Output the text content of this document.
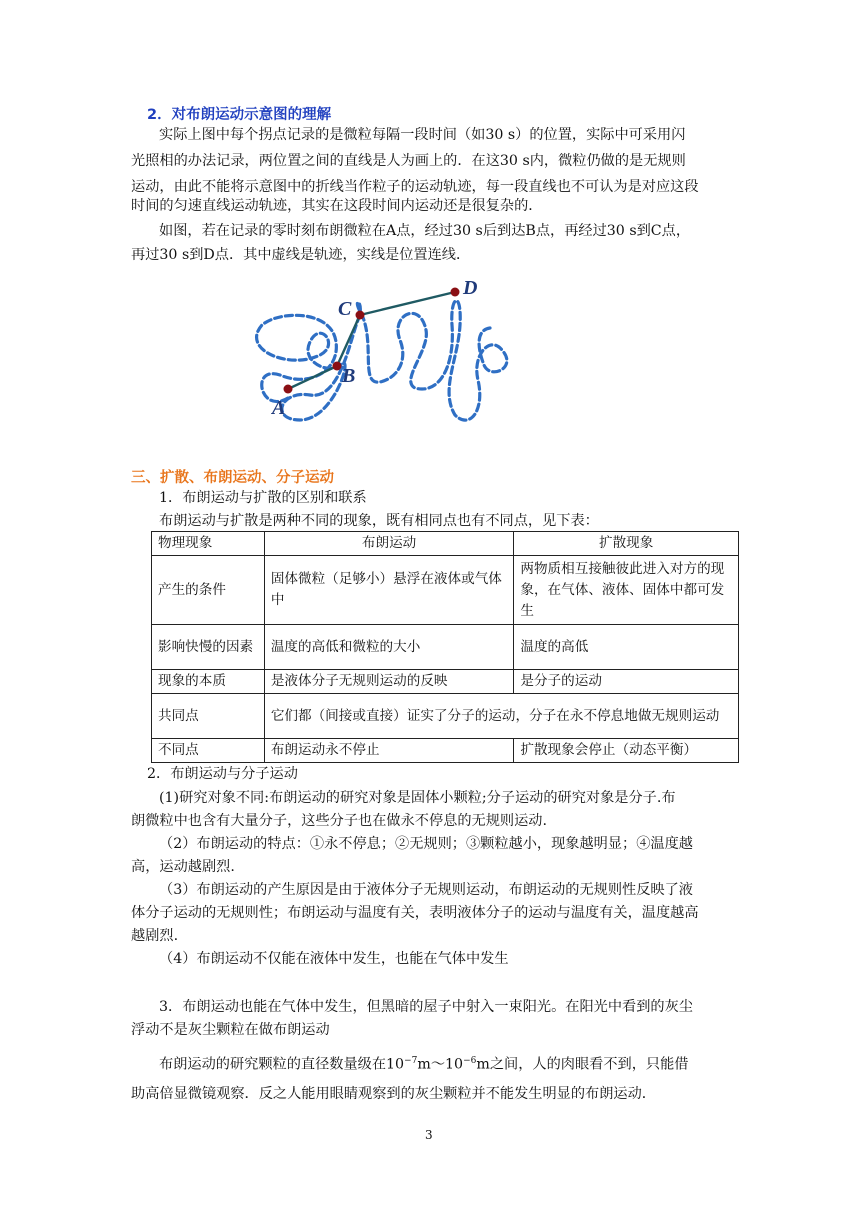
2．对布朗运动示意图的理解

实际上图中每个拐点记录的是微粒每隔一段时间（如30 s）的位置，实际中可采用闪

光照相的办法记录，两位置之间的直线是人为画上的．在这30 s内，微粒仍做的是无规则

运动，由此不能将示意图中的折线当作粒子的运动轨迹，每一段直线也不可认为是对应这段

时间的匀速直线运动轨迹，其实在这段时间内运动还是很复杂的．

如图，若在记录的零时刻布朗微粒在A点，经过30 s后到达B点，再经过30 s到C点，

再过30 s到D点．其中虚线是轨迹，实线是位置连线．

A
B
C
D
三、扩散、布朗运动、分子运动

1．布朗运动与扩散的区别和联系

布朗运动与扩散是两种不同的现象，既有相同点也有不同点，见下表：

物理现象	布朗运动	扩散现象
产生的条件	固体微粒（足够小）悬浮在液体或气体中	两物质相互接触彼此进入对方的现象，在气体、液体、固体中都可发生
影响快慢的因素	温度的高低和微粒的大小	温度的高低
现象的本质	是液体分子无规则运动的反映	是分子的运动
共同点	它们都（间接或直接）证实了分子的运动，分子在永不停息地做无规则运动	
不同点	布朗运动永不停止	扩散现象会停止（动态平衡）

2．布朗运动与分子运动

(1)研究对象不同:布朗运动的研究对象是固体小颗粒;分子运动的研究对象是分子.布

朗微粒中也含有大量分子，这些分子也在做永不停息的无规则运动.

（2）布朗运动的特点：①永不停息；②无规则；③颗粒越小，现象越明显；④温度越

高，运动越剧烈.

（3）布朗运动的产生原因是由于液体分子无规则运动，布朗运动的无规则性反映了液

体分子运动的无规则性；布朗运动与温度有关，表明液体分子的运动与温度有关，温度越高

越剧烈.

（4）布朗运动不仅能在液体中发生，也能在气体中发生

3．布朗运动也能在气体中发生，但黑暗的屋子中射入一束阳光。在阳光中看到的灰尘

浮动不是灰尘颗粒在做布朗运动

布朗运动的研究颗粒的直径数量级在$10^{-7}m\sim 10^{-6}m$之间，人的肉眼看不到，只能借

助高倍显微镜观察．反之人能用眼睛观察到的灰尘颗粒并不能发生明显的布朗运动．

3
